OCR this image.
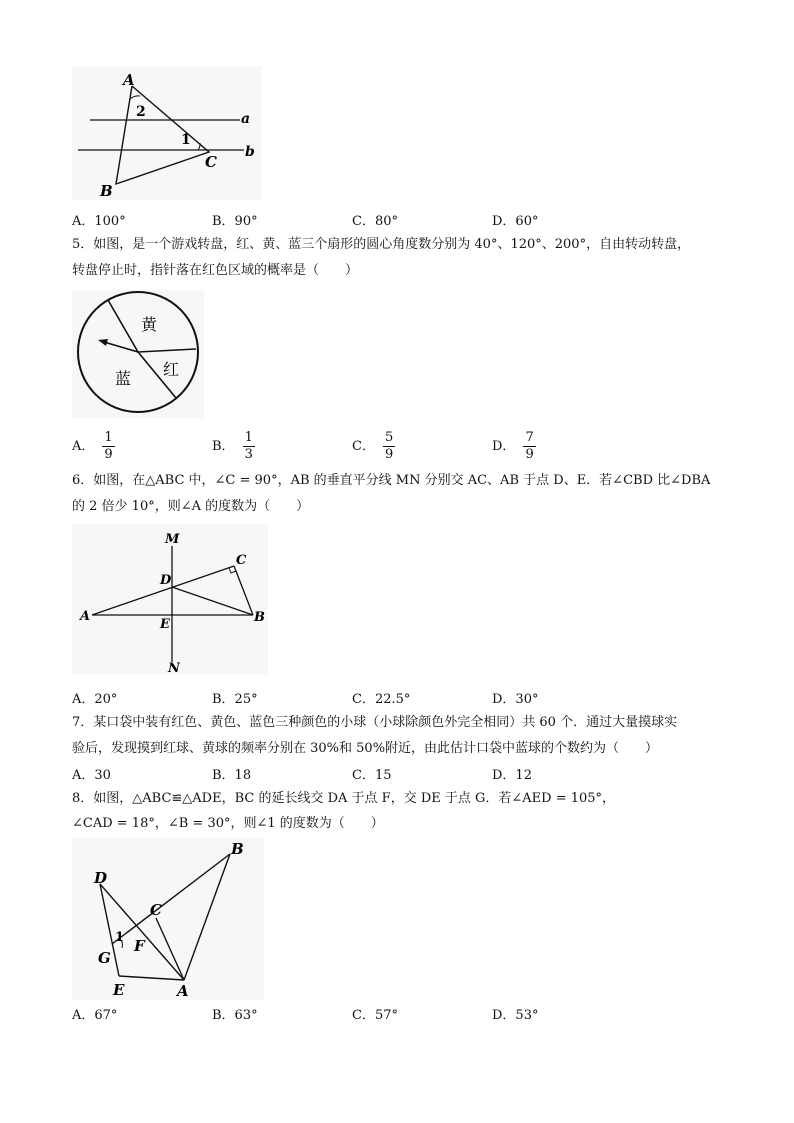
A
2
1
C
B
a
b
A．100°	B．90°	C．80°	D．60°
5．如图，是一个游戏转盘，红、黄、蓝三个扇形的圆心角度数分别为 40°、120°、200°，自由转动转盘，
转盘停止时，指针落在红色区域的概率是（　　）
黄
红
蓝
A． $\frac{1}{9}$	B． $\frac{1}{3}$	C． $\frac{5}{9}$	D． $\frac{7}{9}$
6．如图，在△ABC 中，∠C = 90°，AB 的垂直平分线 MN 分别交 AC、AB 于点 D、E．若∠CBD 比∠DBA
的 2 倍少 10°，则∠A 的度数为（　　）
M
C
D
A	B
E
N
A．20°	B．25°	C．22.5°	D．30°
7．某口袋中装有红色、黄色、蓝色三种颜色的小球（小球除颜色外完全相同）共 60 个．通过大量摸球实
验后，发现摸到红球、黄球的频率分别在 30%和 50%附近，由此估计口袋中蓝球的个数约为（　　）
A．30	B．18	C．15	D．12
8．如图，△ABC≌△ADE，BC 的延长线交 DA 于点 F，交 DE 于点 G．若∠AED = 105°，
∠CAD = 18°，∠B = 30°，则∠1 的度数为（　　）
B
D
C
F
1
G
E	A
A．67°	B．63°	C．57°	D．53°
